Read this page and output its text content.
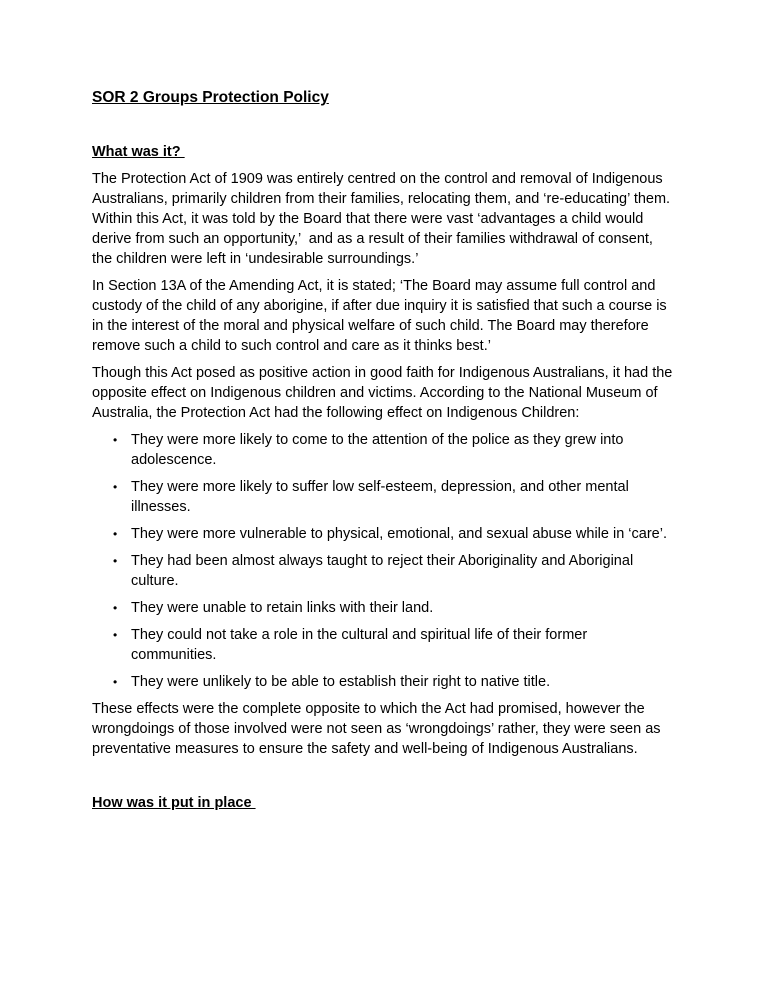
SOR 2 Groups Protection Policy
What was it?

The Protection Act of 1909 was entirely centred on the control and removal of Indigenous Australians, primarily children from their families, relocating them, and ‘re-educating’ them. Within this Act, it was told by the Board that there were vast ‘advantages a child would derive from such an opportunity,’  and as a result of their families withdrawal of consent, the children were left in ‘undesirable surroundings.’

In Section 13A of the Amending Act, it is stated; ‘The Board may assume full control and custody of the child of any aborigine, if after due inquiry it is satisfied that such a course is in the interest of the moral and physical welfare of such child. The Board may therefore remove such a child to such control and care as it thinks best.’

Though this Act posed as positive action in good faith for Indigenous Australians, it had the opposite effect on Indigenous children and victims. According to the National Museum of Australia, the Protection Act had the following effect on Indigenous Children:

• They were more likely to come to the attention of the police as they grew into adolescence.
• They were more likely to suffer low self-esteem, depression, and other mental illnesses.
• They were more vulnerable to physical, emotional, and sexual abuse while in ‘care’.
• They had been almost always taught to reject their Aboriginality and Aboriginal culture.
• They were unable to retain links with their land.
• They could not take a role in the cultural and spiritual life of their former communities.
• They were unlikely to be able to establish their right to native title.

These effects were the complete opposite to which the Act had promised, however the wrongdoings of those involved were not seen as ‘wrongdoings’ rather, they were seen as preventative measures to ensure the safety and well-being of Indigenous Australians.

How was it put in place
